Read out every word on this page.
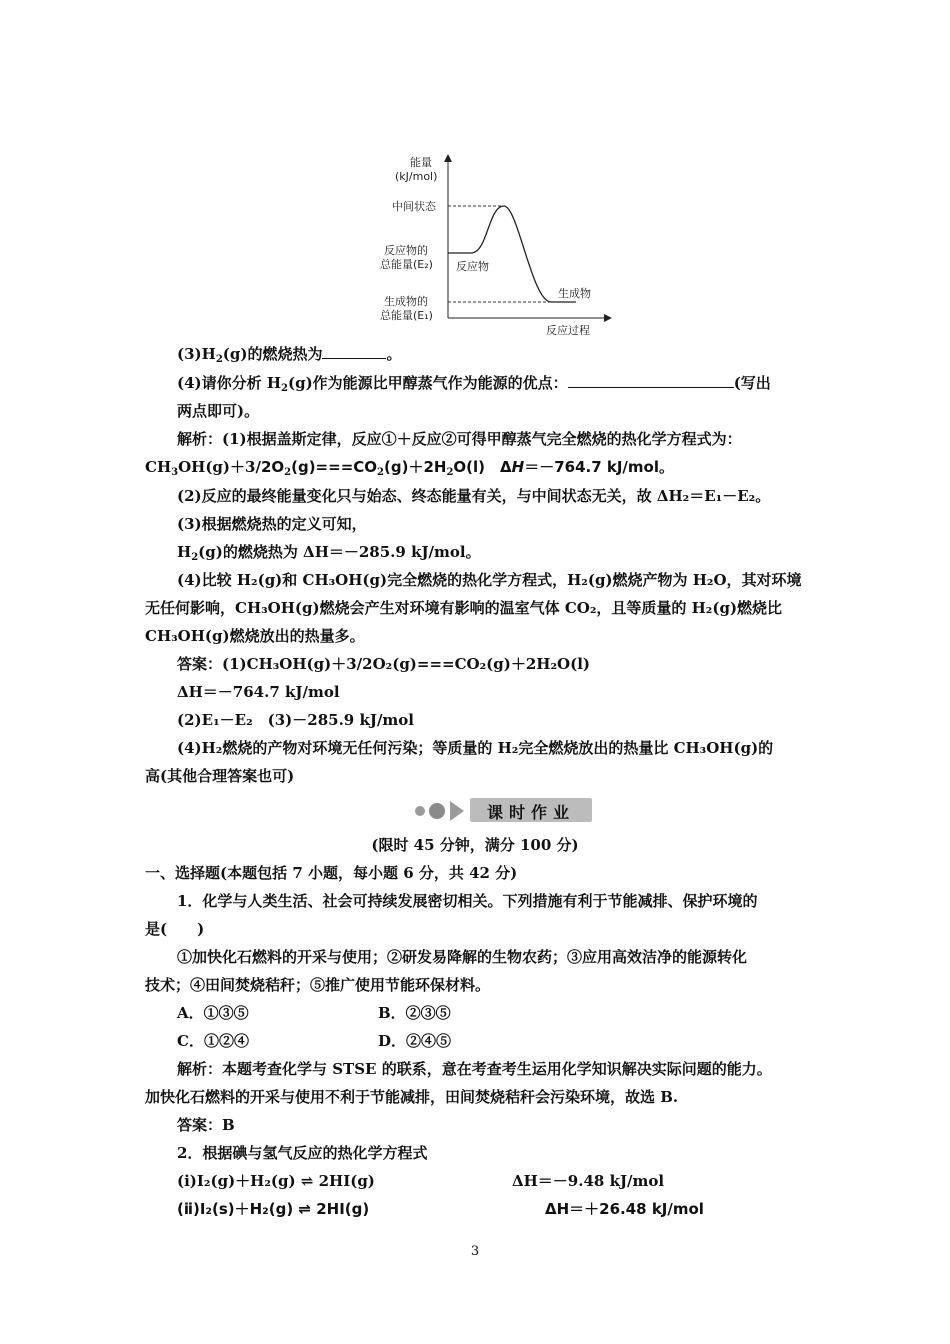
能量
(kJ/mol)
中间状态
反应物的
总能量(E₂) 反应物
生成物
生成物的
总能量(E₁)
反应过程
$(3)H_2(g)$的燃烧热为	。
(4)请你分析 $H_2(g)$作为能源比甲醇蒸气作为能源的优点：	(写出
两点即可)。
解析：(1)根据盖斯定律，反应①＋反应②可得甲醇蒸气完全燃烧的热化学方程式为：
$CH_3OH(g)+3/2O_2(g)===CO_2(g)+2H_2O(l)$　ΔH＝－764.7 kJ/mol。
(2)反应的最终能量变化只与始态、终态能量有关，与中间状态无关，故 ΔH₂＝E₁－E₂。
(3)根据燃烧热的定义可知，
$H_2(g)$的燃烧热为 ΔH＝－285.9 kJ/mol。
(4)比较 H₂(g)和 CH₃OH(g)完全燃烧的热化学方程式，H₂(g)燃烧产物为 H₂O，其对环境
无任何影响，CH₃OH(g)燃烧会产生对环境有影响的温室气体 CO₂，且等质量的 H₂(g)燃烧比
CH₃OH(g)燃烧放出的热量多。
答案：(1)CH₃OH(g)＋3/2O₂(g)===CO₂(g)＋2H₂O(l)
ΔH＝－764.7 kJ/mol
(2)E₁－E₂　(3)－285.9 kJ/mol
(4)H₂燃烧的产物对环境无任何污染；等质量的 H₂完全燃烧放出的热量比 CH₃OH(g)的
高(其他合理答案也可)
课时作业
(限时 45 分钟，满分 100 分)
一、选择题(本题包括 7 小题，每小题 6 分，共 42 分)
1．化学与人类生活、社会可持续发展密切相关。下列措施有利于节能减排、保护环境的
是(　　)
①加快化石燃料的开采与使用；②研发易降解的生物农药；③应用高效洁净的能源转化
技术；④田间焚烧秸秆；⑤推广使用节能环保材料。
A．①③⑤	B．②③⑤
C．①②④	D．②④⑤
解析：本题考查化学与 STSE 的联系，意在考查考生运用化学知识解决实际问题的能力。
加快化石燃料的开采与使用不利于节能减排，田间焚烧秸秆会污染环境，故选 B.
答案：B
2．根据碘与氢气反应的热化学方程式
(ⅰ)I₂(g)＋H₂(g) ⇌ 2HI(g)	ΔH＝－9.48 kJ/mol
(ⅱ)I₂(s)＋H₂(g) ⇌ 2HI(g)	ΔH＝＋26.48 kJ/mol
3
